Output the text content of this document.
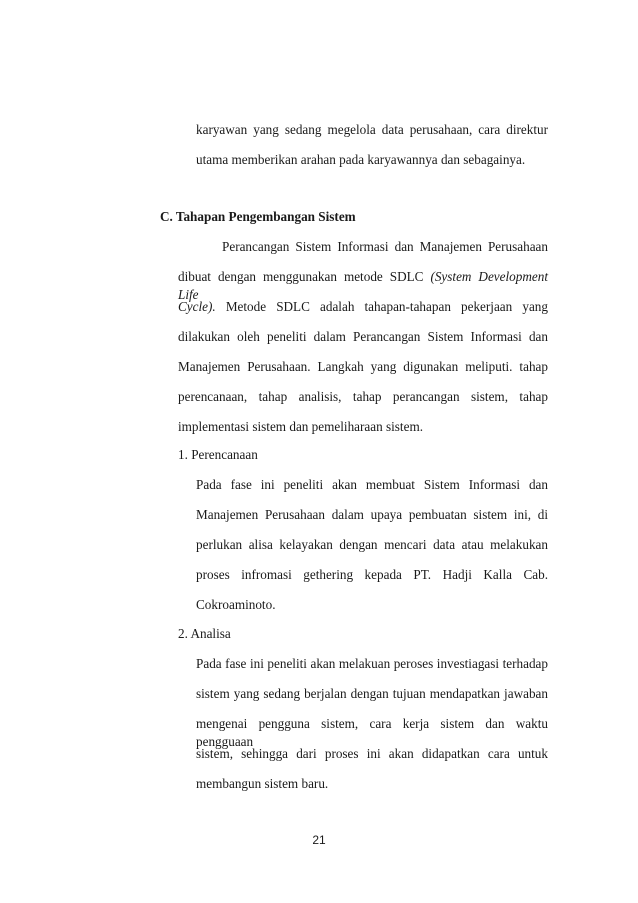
karyawan yang sedang megelola data perusahaan, cara direktur
utama memberikan arahan pada karyawannya dan sebagainya.
C. Tahapan Pengembangan Sistem
Perancangan Sistem Informasi dan Manajemen Perusahaan
dibuat dengan menggunakan metode SDLC (System Development Life
Cycle). Metode SDLC adalah tahapan-tahapan pekerjaan yang
dilakukan oleh peneliti dalam Perancangan Sistem Informasi dan
Manajemen Perusahaan. Langkah yang digunakan meliputi. tahap
perencanaan, tahap analisis, tahap perancangan sistem, tahap
implementasi sistem dan pemeliharaan sistem.
1. Perencanaan
Pada fase ini peneliti akan membuat Sistem Informasi dan
Manajemen Perusahaan dalam upaya pembuatan sistem ini, di
perlukan alisa kelayakan dengan mencari data atau melakukan
proses infromasi gethering kepada PT. Hadji Kalla Cab.
Cokroaminoto.
2. Analisa
Pada fase ini peneliti akan melakuan peroses investiagasi terhadap
sistem yang sedang berjalan dengan tujuan mendapatkan jawaban
mengenai pengguna sistem, cara kerja sistem dan waktu pengguaan
sistem, sehingga dari proses ini akan didapatkan cara untuk
membangun sistem baru.
21
